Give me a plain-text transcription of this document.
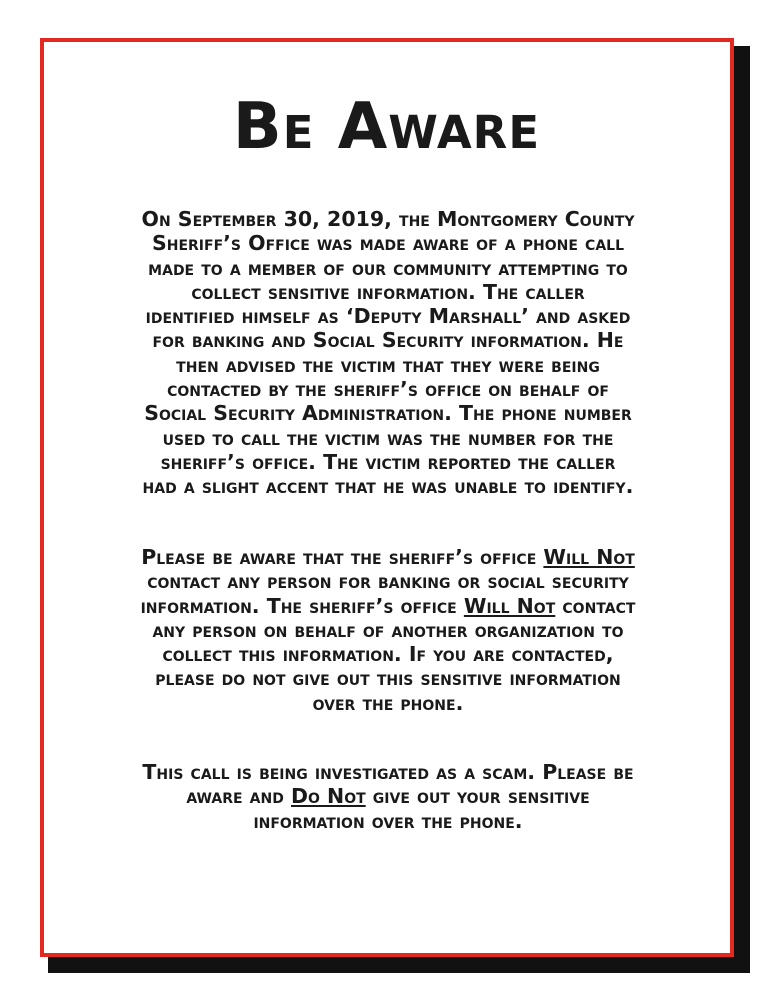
Be Aware

On September 30, 2019, the Montgomery County
Sheriff’s Office was made aware of a phone call
made to a member of our community attempting to
collect sensitive information. The caller
identified himself as ‘Deputy Marshall’ and asked
for banking and Social Security information. He
then advised the victim that they were being
contacted by the sheriff’s office on behalf of
Social Security Administration. The phone number
used to call the victim was the number for the
sheriff’s office. The victim reported the caller
had a slight accent that he was unable to identify.

Please be aware that the sheriff’s office Will Not
contact any person for banking or social security
information. The sheriff’s office Will Not contact
any person on behalf of another organization to
collect this information. If you are contacted,
please do not give out this sensitive information
over the phone.

This call is being investigated as a scam. Please be
aware and Do Not give out your sensitive
information over the phone.
